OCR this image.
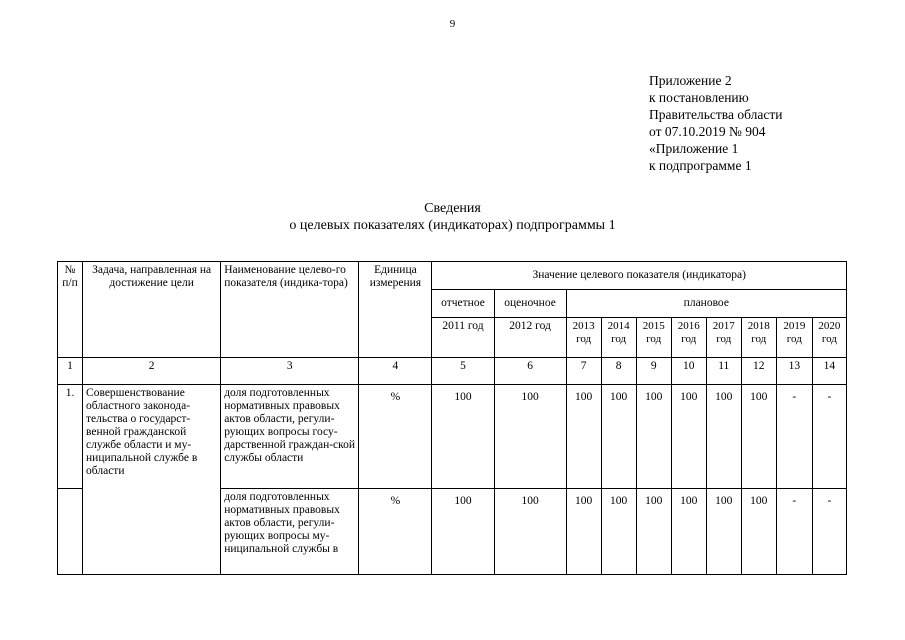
9
Приложение 2
к постановлению
Правительства области
от 07.10.2019 № 904
«Приложение 1
к подпрограмме 1
Сведения
о целевых показателях (индикаторах) подпрограммы 1
№ п/п	Задача, направленная на достижение цели	Наименование целево-го показателя (индика-тора)	Единица измерения	Значение целевого показателя (индикатора)									
				отчетное	оценочное	плановое							
				2011 год	2012 год	2013 год	2014 год	2015 год	2016 год	2017 год	2018 год	2019 год	2020 год
1	2	3	4	5	6	7	8	9	10	11	12	13	14
1.	Совершенствование областного законода-тельства о государст-венной гражданской службе области и му-ниципальной службе в области	доля подготовленных нормативных правовых актов области, регули-рующих вопросы госу-дарственной граждан-ской службы области	%	100	100	100	100	100	100	100	100	-	-
		доля подготовленных нормативных правовых актов области, регули-рующих вопросы му-ниципальной службы в	%	100	100	100	100	100	100	100	100	-	-
